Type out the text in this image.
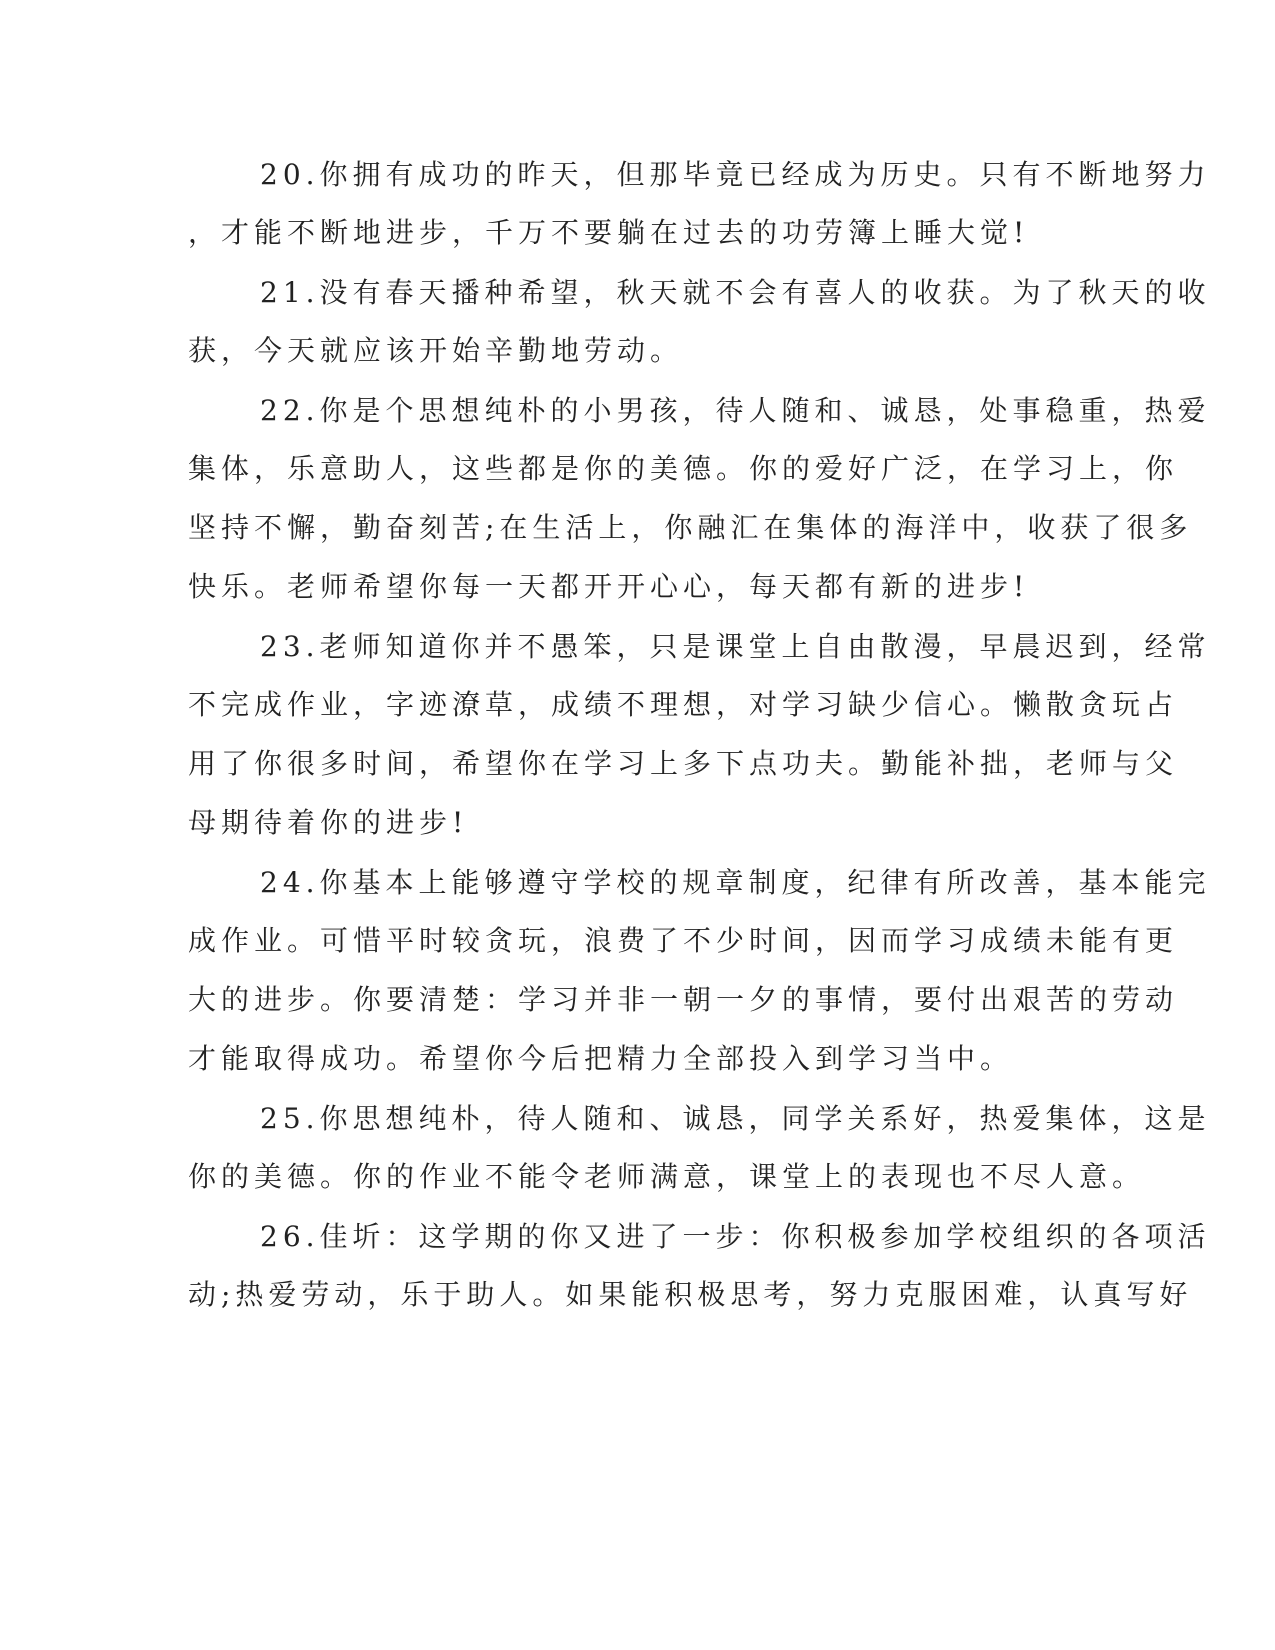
20.你拥有成功的昨天，但那毕竟已经成为历史。只有不断地努力
，才能不断地进步，千万不要躺在过去的功劳簿上睡大觉!
21.没有春天播种希望，秋天就不会有喜人的收获。为了秋天的收
获，今天就应该开始辛勤地劳动。
22.你是个思想纯朴的小男孩，待人随和、诚恳，处事稳重，热爱
集体，乐意助人，这些都是你的美德。你的爱好广泛，在学习上，你
坚持不懈，勤奋刻苦;在生活上，你融汇在集体的海洋中，收获了很多
快乐。老师希望你每一天都开开心心，每天都有新的进步!
23.老师知道你并不愚笨，只是课堂上自由散漫，早晨迟到，经常
不完成作业，字迹潦草，成绩不理想，对学习缺少信心。懒散贪玩占
用了你很多时间，希望你在学习上多下点功夫。勤能补拙，老师与父
母期待着你的进步!
24.你基本上能够遵守学校的规章制度，纪律有所改善，基本能完
成作业。可惜平时较贪玩，浪费了不少时间，因而学习成绩未能有更
大的进步。你要清楚：学习并非一朝一夕的事情，要付出艰苦的劳动
才能取得成功。希望你今后把精力全部投入到学习当中。
25.你思想纯朴，待人随和、诚恳，同学关系好，热爱集体，这是
你的美德。你的作业不能令老师满意，课堂上的表现也不尽人意。
26.佳圻：这学期的你又进了一步：你积极参加学校组织的各项活
动;热爱劳动，乐于助人。如果能积极思考，努力克服困难，认真写好
